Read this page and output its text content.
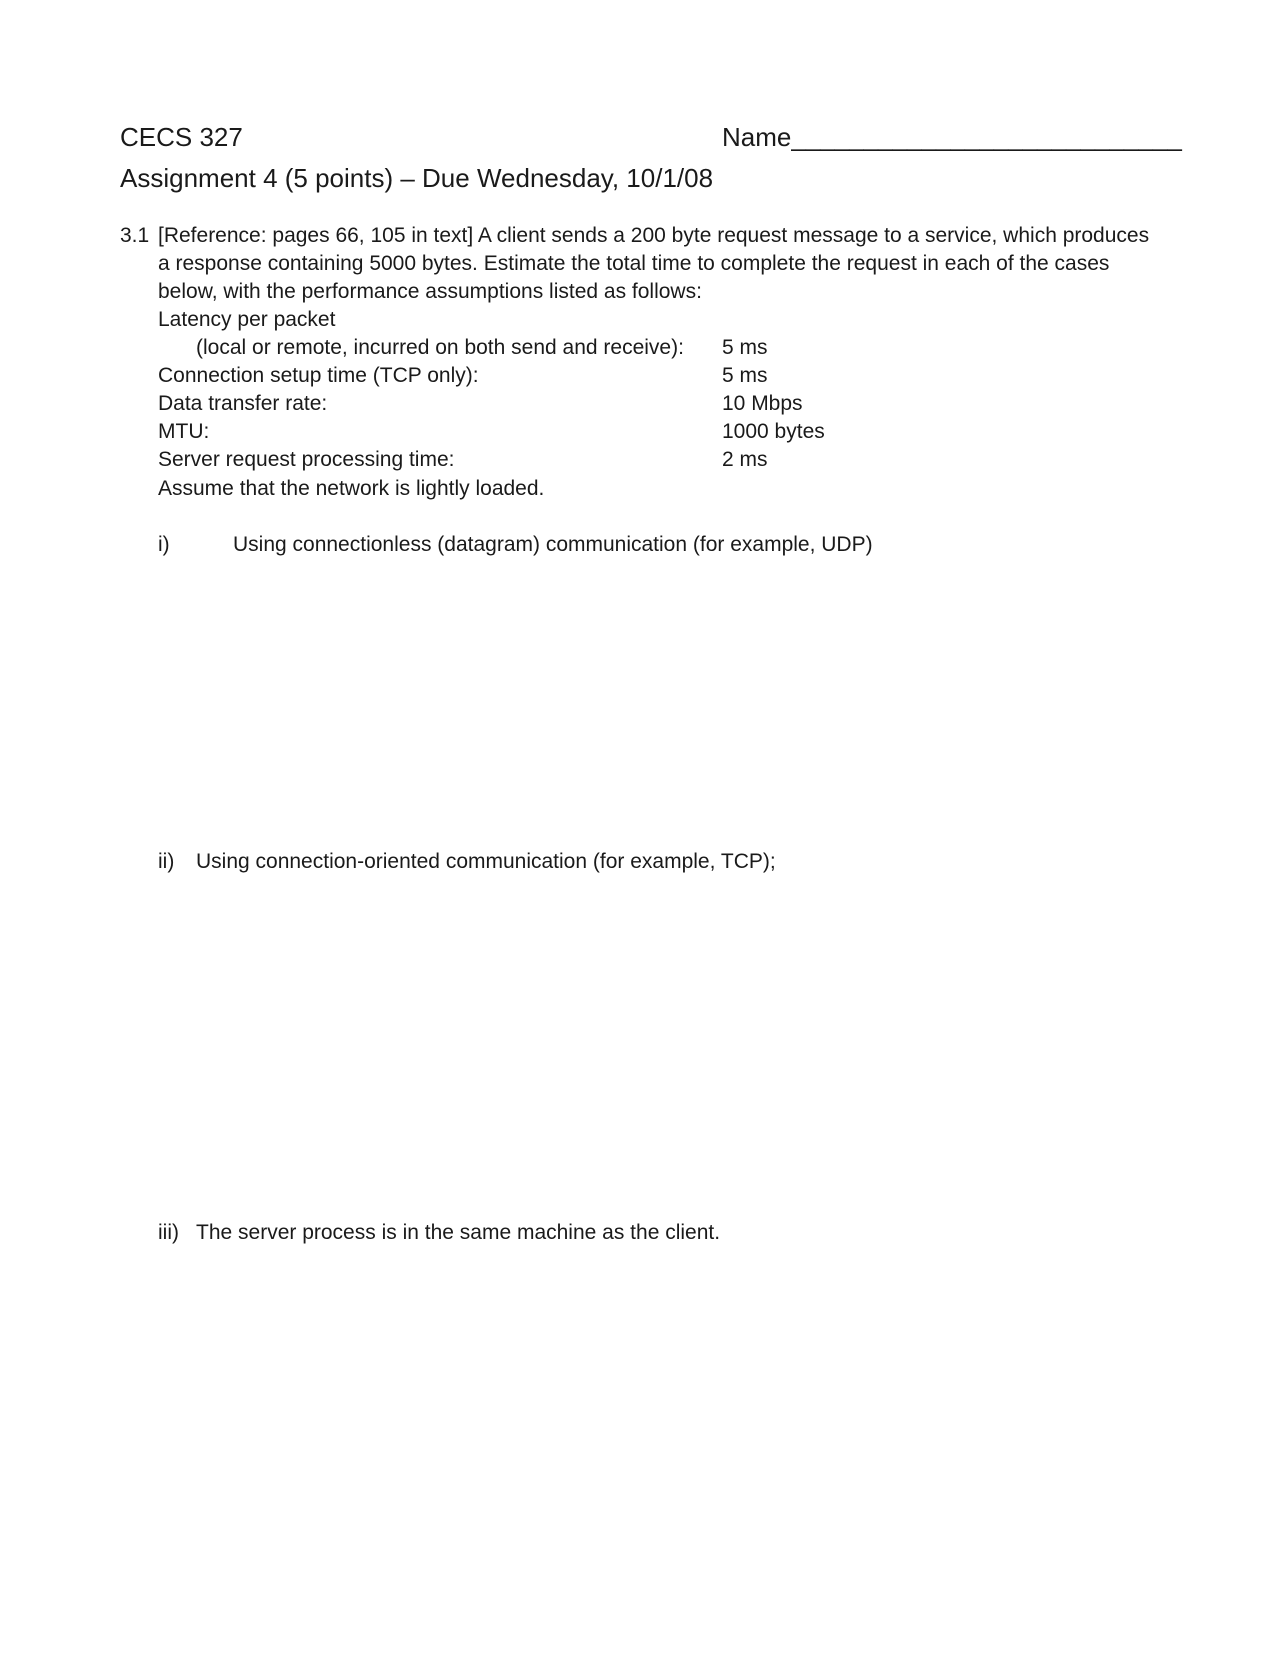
CECS 327	Name___________________________
Assignment 4 (5 points) – Due Wednesday, 10/1/08
3.1 [Reference: pages 66, 105 in text] A client sends a 200 byte request message to a service, which produces
a response containing 5000 bytes. Estimate the total time to complete the request in each of the cases
below, with the performance assumptions listed as follows:
Latency per packet
(local or remote, incurred on both send and receive): 5 ms
Connection setup time (TCP only):	5 ms
Data transfer rate:	10 Mbps
MTU:	1000 bytes
Server request processing time:	2 ms
Assume that the network is lightly loaded.
i)	Using connectionless (datagram) communication (for example, UDP)
ii) Using connection-oriented communication (for example, TCP);
iii) The server process is in the same machine as the client.
